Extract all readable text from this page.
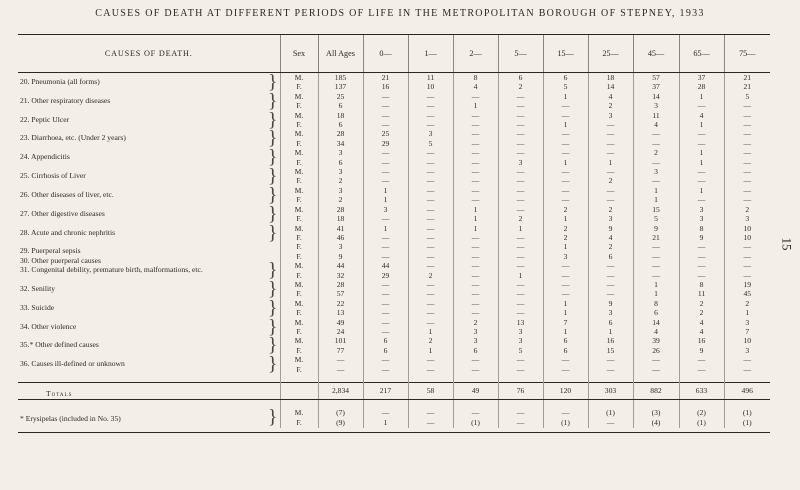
CAUSES OF DEATH AT DIFFERENT PERIODS OF LIFE IN THE METROPOLITAN BOROUGH OF STEPNEY, 1933
15
CAUSES OF DEATH.	Sex	All Ages	0—	1—	2—	5—	15—	25—	45—	65—	75—

20. Pneumonia (all forms) }	M.	185	21	11	8	6	6	18	57	37	21
	F.	137	16	10	4	2	5	14	37	28	21

21. Other respiratory diseases }	M.	25	—	—	—	—	1	4	14	1	5
	F.	6	—	—	1	—	—	2	3	—	—

22. Peptic Ulcer }	M.	18	—	—	—	—	—	3	11	4	—
	F.	6	—	—	—	—	1	—	4	1	—

23. Diarrhoea, etc. (Under 2 years) }	M.	28	25	3	—	—	—	—	—	—	—
	F.	34	29	5	—	—	—	—	—	—	—

24. Appendicitis }	M.	3	—	—	—	—	—	—	2	1	—
	F.	6	—	—	—	3	1	1	—	1	—

25. Cirrhosis of Liver }	M.	3	—	—	—	—	—	—	3	—	—
	F.	2	—	—	—	—	—	2	—	—	—

26. Other diseases of liver, etc. }	M.	3	1	—	—	—	—	—	1	1	—
	F.	2	1	—	—	—	—	—	1	—	—

27. Other digestive diseases }	M.	28	3	—	1	—	2	2	15	3	2
	F.	18	—	—	1	2	1	3	5	3	3

28. Acute and chronic nephritis }	M.	41	1	—	1	1	2	9	9	8	10
	F.	46	—	—	—	—	2	4	21	9	10

29. Puerperal sepsis	F.	3	—	—	—	—	1	2	—	—	—

30. Other puerperal causes	F.	9	—	—	—	—	3	6	—	—	—

31. Congenital debility, premature birth, malformations, etc. }	M.	44	44	—	—	—	—	—	—	—	—
	F.	32	29	2	—	1	—	—	—	—	—

32. Senility }	M.	28	—	—	—	—	—	—	1	8	19
	F.	57	—	—	—	—	—	—	1	11	45

33. Suicide }	M.	22	—	—	—	—	1	9	8	2	2
	F.	13	—	—	—	—	1	3	6	2	1

34. Other violence }	M.	49	—	—	2	13	7	6	14	4	3
	F.	24	—	1	3	3	1	1	4	4	7

35.* Other defined causes }	M.	101	6	2	3	3	6	16	39	16	10
	F.	77	6	1	6	5	6	15	26	9	3

36. Causes ill-defined or unknown }	M.	—	—	—	—	—	—	—	—	—	—
	F.	—	—	—	—	—	—	—	—	—	—

Totals		2,834	217	58	49	76	120	303	882	633	496

* Erysipelas (included in No. 35) }	M.	(7)	—	—	—	—	—	(1)	(3)	(2)	(1)
	F.	(9)	1	—	(1)	—	(1)	—	(4)	(1)	(1)
